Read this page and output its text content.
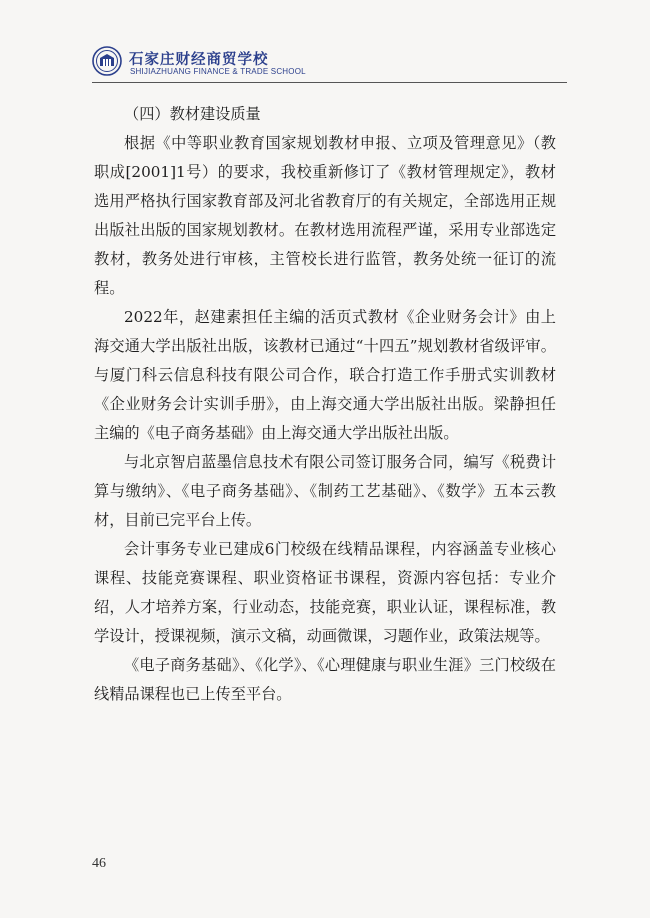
石家庄财经商贸学校
SHIJIAZHUANG FINANCE & TRADE SCHOOL

（四）教材建设质量

根据《中等职业教育国家规划教材申报、立项及管理意见》（教职成[2001]1号）的要求，我校重新修订了《教材管理规定》，教材选用严格执行国家教育部及河北省教育厅的有关规定，全部选用正规出版社出版的国家规划教材。在教材选用流程严谨，采用专业部选定教材，教务处进行审核，主管校长进行监管，教务处统一征订的流程。

2022年，赵建素担任主编的活页式教材《企业财务会计》由上海交通大学出版社出版，该教材已通过“十四五”规划教材省级评审。与厦门科云信息科技有限公司合作，联合打造工作手册式实训教材《企业财务会计实训手册》，由上海交通大学出版社出版。梁静担任主编的《电子商务基础》由上海交通大学出版社出版。

与北京智启蓝墨信息技术有限公司签订服务合同，编写《税费计算与缴纳》、《电子商务基础》、《制药工艺基础》、《数学》五本云教材，目前已完平台上传。

会计事务专业已建成6门校级在线精品课程，内容涵盖专业核心课程、技能竞赛课程、职业资格证书课程，资源内容包括：专业介绍，人才培养方案，行业动态，技能竞赛，职业认证，课程标准，教学设计，授课视频，演示文稿，动画微课，习题作业，政策法规等。

《电子商务基础》、《化学》、《心理健康与职业生涯》三门校级在线精品课程也已上传至平台。

46
